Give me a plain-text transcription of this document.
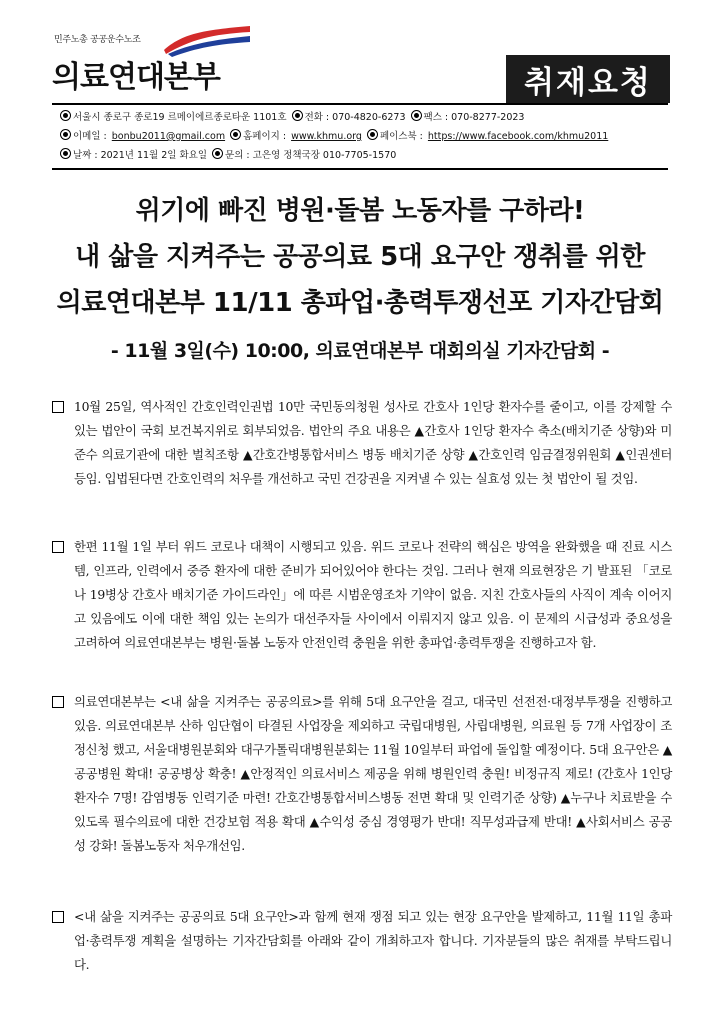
민주노총 공공운수노조
의료연대본부	취재요청
서울시 종로구 종로19 르메이에르종로타운 1101호 전화 : 070-4820-6273 팩스 : 070-8277-2023
이메일 : bonbu2011@gmail.com 홈페이지 : www.khmu.org 페이스북 : https://www.facebook.com/khmu2011
날짜 : 2021년 11월 2일 화요일 문의 : 고은영 정책국장 010-7705-1570
위기에 빠진 병원·돌봄 노동자를 구하라!
내 삶을 지켜주는 공공의료 5대 요구안 쟁취를 위한
의료연대본부 11/11 총파업·총력투쟁선포 기자간담회
- 11월 3일(수) 10:00, 의료연대본부 대회의실 기자간담회 -
10월 25일, 역사적인 간호인력인권법 10만 국민동의청원 성사로 간호사 1인당 환자수를 줄이고, 이를 강제할 수 있는 법안이 국회 보건복지위로 회부되었음. 법안의 주요 내용은 ▲간호사 1인당 환자수 축소(배치기준 상향)와 미 준수 의료기관에 대한 벌칙조항 ▲간호간병통합서비스 병동 배치기준 상향 ▲간호인력 임금결정위원회 ▲인권센터 등임. 입법된다면 간호인력의 처우를 개선하고 국민 건강권을 지켜낼 수 있는 실효성 있는 첫 법안이 될 것임.
한편 11월 1일 부터 위드 코로나 대책이 시행되고 있음. 위드 코로나 전략의 핵심은 방역을 완화했을 때 진료 시스템, 인프라, 인력에서 중증 환자에 대한 준비가 되어있어야 한다는 것임. 그러나 현재 의료현장은 기 발표된 「코로나 19병상 간호사 배치기준 가이드라인」에 따른 시범운영조차 기약이 없음. 지친 간호사들의 사직이 계속 이어지고 있음에도 이에 대한 책임 있는 논의가 대선주자들 사이에서 이뤄지지 않고 있음. 이 문제의 시급성과 중요성을 고려하여 의료연대본부는 병원·돌봄 노동자 안전인력 충원을 위한 총파업·총력투쟁을 진행하고자 함.
의료연대본부는 <내 삶을 지켜주는 공공의료>를 위해 5대 요구안을 걸고, 대국민 선전전·대정부투쟁을 진행하고 있음. 의료연대본부 산하 임단협이 타결된 사업장을 제외하고 국립대병원, 사립대병원, 의료원 등 7개 사업장이 조정신청 했고, 서울대병원분회와 대구가톨릭대병원분회는 11월 10일부터 파업에 돌입할 예정이다. 5대 요구안은 ▲공공병원 확대! 공공병상 확충! ▲안정적인 의료서비스 제공을 위해 병원인력 충원! 비정규직 제로! (간호사 1인당 환자수 7명! 감염병동 인력기준 마련! 간호간병통합서비스병동 전면 확대 및 인력기준 상향) ▲누구나 치료받을 수 있도록 필수의료에 대한 건강보험 적용 확대 ▲수익성 중심 경영평가 반대! 직무성과급제 반대! ▲사회서비스 공공성 강화! 돌봄노동자 처우개선임.
<내 삶을 지켜주는 공공의료 5대 요구안>과 함께 현재 쟁점 되고 있는 현장 요구안을 발제하고, 11월 11일 총파업·총력투쟁 계획을 설명하는 기자간담회를 아래와 같이 개최하고자 합니다. 기자분들의 많은 취재를 부탁드립니다.
